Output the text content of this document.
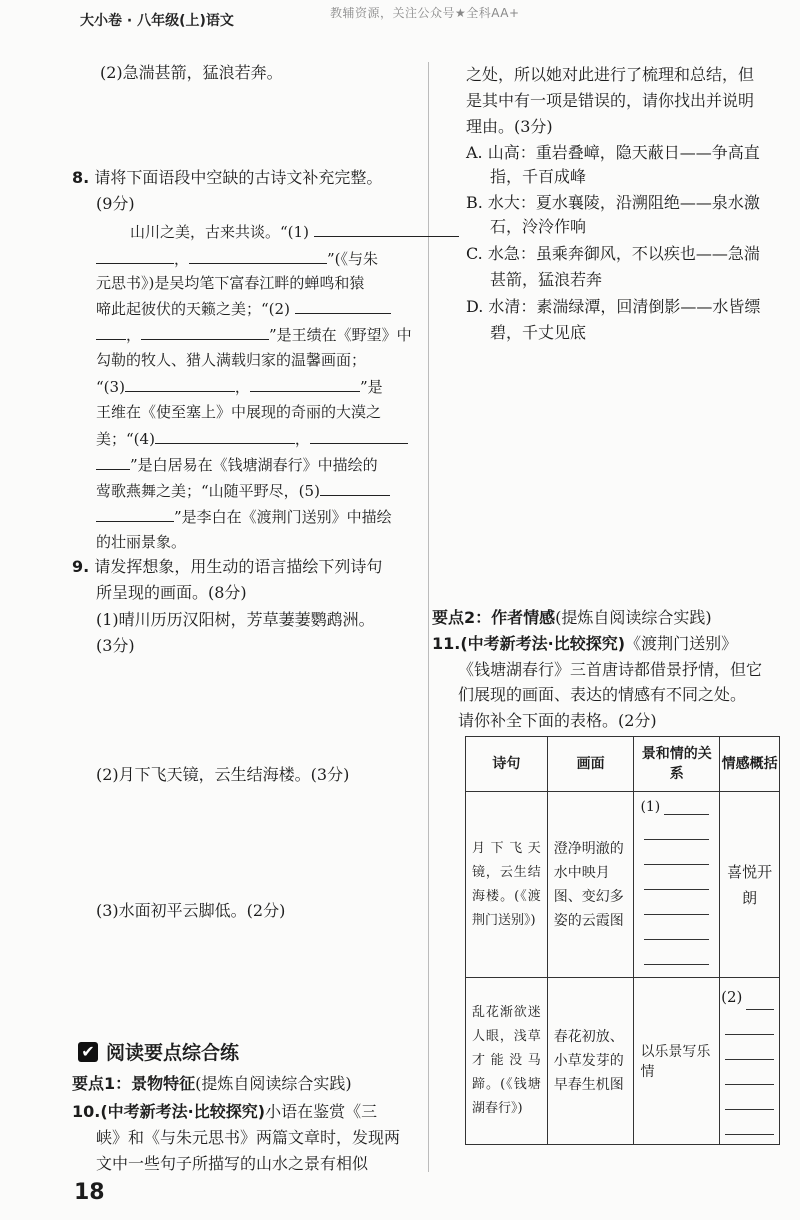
教辅资源，关注公众号★全科AA+
大小卷 · 八年级(上)语文
(2)急湍甚箭，猛浪若奔。
8. 请将下面语段中空缺的古诗文补充完整。
(9分)
山川之美，古来共谈。“(1)
，	”(《与朱
元思书》)是吴均笔下富春江畔的蝉鸣和猿
啼此起彼伏的天籁之美；“(2)
，	”是王绩在《野望》中
勾勒的牧人、猎人满载归家的温馨画面；
“(3)	，	”是
王维在《使至塞上》中展现的奇丽的大漠之
美；“(4)	，
”是白居易在《钱塘湖春行》中描绘的
莺歌燕舞之美；“山随平野尽，(5)
”是李白在《渡荆门送别》中描绘
的壮丽景象。
9. 请发挥想象，用生动的语言描绘下列诗句
所呈现的画面。(8分)
(1)晴川历历汉阳树，芳草萋萋鹦鹉洲。
(3分)
(2)月下飞天镜，云生结海楼。(3分)
(3)水面初平云脚低。(2分)
✔ 阅读要点综合练
要点1：景物特征(提炼自阅读综合实践)
10.(中考新考法·比较探究)小语在鉴赏《三
峡》和《与朱元思书》两篇文章时，发现两
文中一些句子所描写的山水之景有相似
18
之处，所以她对此进行了梳理和总结，但
是其中有一项是错误的，请你找出并说明
理由。(3分)
A. 山高：重岩叠嶂，隐天蔽日——争高直
指，千百成峰
B. 水大：夏水襄陵，沿溯阻绝——泉水激
石，泠泠作响
C. 水急：虽乘奔御风，不以疾也——急湍
甚箭，猛浪若奔
D. 水清：素湍绿潭，回清倒影——水皆缥
碧，千丈见底
要点2：作者情感(提炼自阅读综合实践)
11.(中考新考法·比较探究)《渡荆门送别》
《钱塘湖春行》三首唐诗都借景抒情，但它
们展现的画面、表达的情感有不同之处。
请你补全下面的表格。(2分)
诗句	画面	景和情的关系	情感概括
月下飞天镜，云生结海楼。(《渡荆门送别》)	澄净明澈的水中映月图、变幻多姿的云霞图	(1)	喜悦开朗
乱花渐欲迷人眼，浅草才能没马蹄。(《钱塘湖春行》)	春花初放、小草发芽的早春生机图	以乐景写乐情	(2)
